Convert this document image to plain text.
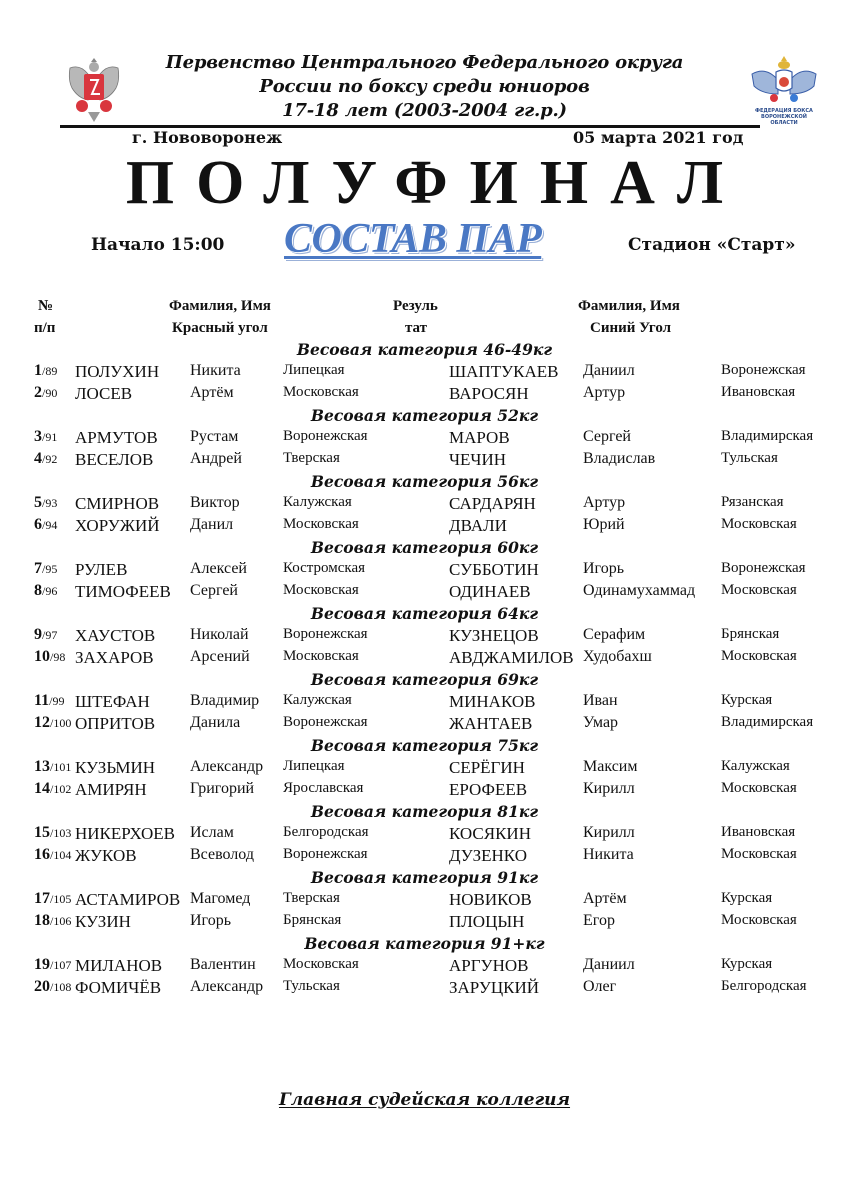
Первенство Центрального Федерального округа
России по боксу среди юниоров
17-18 лет (2003-2004 гг.р.)	ФЕДЕРАЦИЯ БОКСА ВОРОНЕЖСКОЙ ОБЛАСТИ
г. Нововоронеж	05 марта 2021 год
ПОЛУФИНАЛ
Начало 15:00 СОСТАВ ПАР	Стадион «Старт»
№
п/п
Фамилия, Имя
Красный угол
Резуль
тат
Фамилия, Имя
Синий Угол
Весовая категория 46-49кг
1/89 ПОЛУХИН Никита	Липецкая	ШАПТУКАЕВ Даниил	Воронежская
2/90 ЛОСЕВ	Артём	Московская	ВАРОСЯН	Артур	Ивановская
Весовая категория 52кг
3/91 АРМУТОВ Рустам	Воронежская	МАРОВ	Сергей	Владимирская
4/92 ВЕСЕЛОВ Андрей	Тверская	ЧЕЧИН	Владислав	Тульская
Весовая категория 56кг
5/93 СМИРНОВ Виктор	Калужская	САРДАРЯН	Артур	Рязанская
6/94 ХОРУЖИЙ Данил	Московская	ДВАЛИ	Юрий	Московская
Весовая категория 60кг
7/95 РУЛЕВ	Алексей Костромская	СУББОТИН	Игорь	Воронежская
8/96 ТИМОФЕЕВ Сергей	Московская	ОДИНАЕВ	Одинамухаммад Московская
Весовая категория 64кг
9/97 ХАУСТОВ Николай Воронежская	КУЗНЕЦОВ	Серафим	Брянская
10/98 ЗАХАРОВ Арсений Московская	АВДЖАМИЛОВ Худобахш	Московская
Весовая категория 69кг
11/99 ШТЕФАН	Владимир Калужская	МИНАКОВ	Иван	Курская
12/100 ОПРИТОВ Данила	Воронежская	ЖАНТАЕВ	Умар	Владимирская
Весовая категория 75кг
13/101 КУЗЬМИН Александр Липецкая	СЕРЁГИН	Максим	Калужская
14/102 АМИРЯН	Григорий Ярославская	ЕРОФЕЕВ	Кирилл	Московская
Весовая категория 81кг
15/103 НИКЕРХОЕВ Ислам	Белгородская	КОСЯКИН	Кирилл	Ивановская
16/104 ЖУКОВ	Всеволод Воронежская	ДУЗЕНКО	Никита	Московская
Весовая категория 91кг
17/105 АСТАМИРОВ Магомед Тверская	НОВИКОВ	Артём	Курская
18/106 КУЗИН	Игорь	Брянская	ПЛОЦЫН	Егор	Московская
Весовая категория 91+кг
19/107 МИЛАНОВ Валентин Московская	АРГУНОВ	Даниил	Курская
20/108 ФОМИЧЁВ Александр Тульская	ЗАРУЦКИЙ	Олег	Белгородская
Главная судейская коллегия
